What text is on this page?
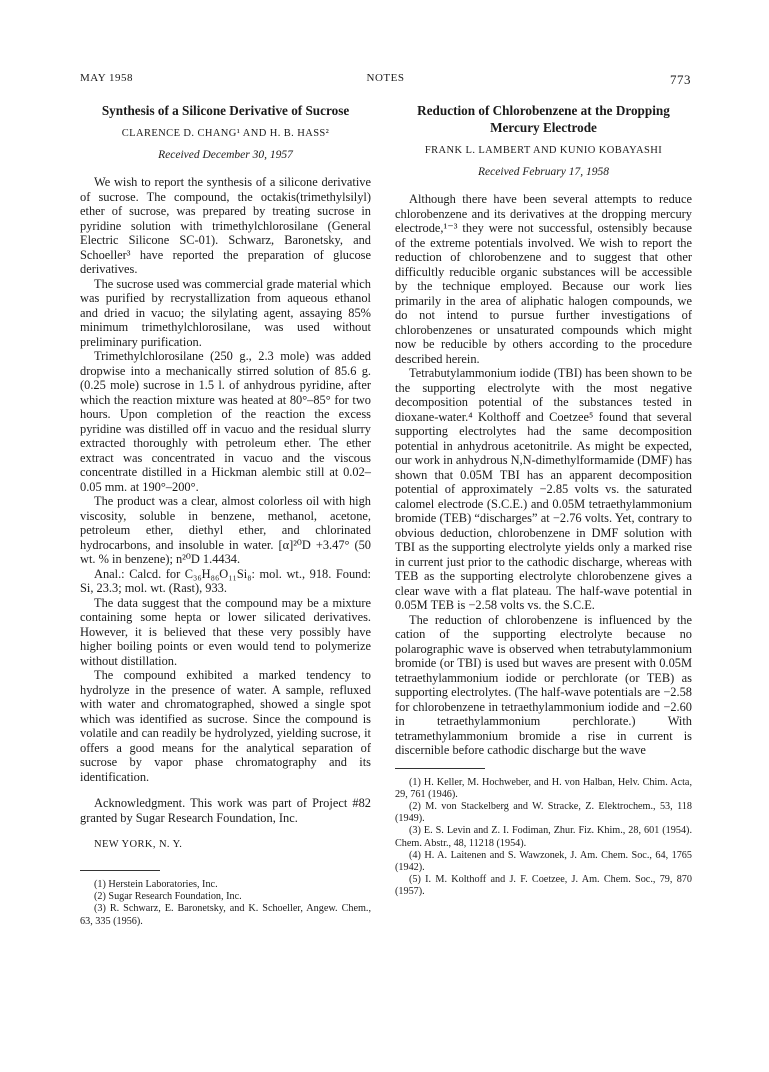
MAY 1958	NOTES	773
Synthesis of a Silicone Derivative of Sucrose
CLARENCE D. CHANG¹ AND H. B. HASS²
Received December 30, 1957

We wish to report the synthesis of a silicone derivative of sucrose. The compound, the octakis(trimethylsilyl) ether of sucrose, was prepared by treating sucrose in pyridine solution with trimethylchlorosilane (General Electric Silicone SC-01). Schwarz, Baronetsky, and Schoeller³ have reported the preparation of glucose derivatives.

The sucrose used was commercial grade material which was purified by recrystallization from aqueous ethanol and dried in vacuo; the silylating agent, assaying 85% minimum trimethylchlorosilane, was used without preliminary purification.

Trimethylchlorosilane (250 g., 2.3 mole) was added dropwise into a mechanically stirred solution of 85.6 g. (0.25 mole) sucrose in 1.5 l. of anhydrous pyridine, after which the reaction mixture was heated at 80°–85° for two hours. Upon completion of the reaction the excess pyridine was distilled off in vacuo and the residual slurry extracted thoroughly with petroleum ether. The ether extract was concentrated in vacuo and the viscous concentrate distilled in a Hickman alembic still at 0.02–0.05 mm. at 190°–200°.

The product was a clear, almost colorless oil with high viscosity, soluble in benzene, methanol, acetone, petroleum ether, diethyl ether, and chlorinated hydrocarbons, and insoluble in water. [α]²⁰D +3.47° (50 wt. % in benzene); n²⁰D 1.4434.

Anal.: Calcd. for C₃₆H₈₆O₁₁Si₈: mol. wt., 918. Found: Si, 23.3; mol. wt. (Rast), 933.

The data suggest that the compound may be a mixture containing some hepta or lower silicated derivatives. However, it is believed that these very possibly have higher boiling points or even would tend to polymerize without distillation.

The compound exhibited a marked tendency to hydrolyze in the presence of water. A sample, refluxed with water and chromatographed, showed a single spot which was identified as sucrose. Since the compound is volatile and can readily be hydrolyzed, yielding sucrose, it offers a good means for the analytical separation of sucrose by vapor phase chromatography and its identification.

Acknowledgment. This work was part of Project #82 granted by Sugar Research Foundation, Inc.

NEW YORK, N. Y.

(1) Herstein Laboratories, Inc.

(2) Sugar Research Foundation, Inc.

(3) R. Schwarz, E. Baronetsky, and K. Schoeller, Angew. Chem., 63, 335 (1956).

Reduction of Chlorobenzene at the Dropping Mercury Electrode
FRANK L. LAMBERT AND KUNIO KOBAYASHI
Received February 17, 1958

Although there have been several attempts to reduce chlorobenzene and its derivatives at the dropping mercury electrode,¹⁻³ they were not successful, ostensibly because of the extreme potentials involved. We wish to report the reduction of chlorobenzene and to suggest that other difficultly reducible organic substances will be accessible by the technique employed. Because our work lies primarily in the area of aliphatic halogen compounds, we do not intend to pursue further investigations of chlorobenzenes or unsaturated compounds which might now be reducible by others according to the procedure described herein.

Tetrabutylammonium iodide (TBI) has been shown to be the supporting electrolyte with the most negative decomposition potential of the substances tested in dioxane-water.⁴ Kolthoff and Coetzee⁵ found that several supporting electrolytes had the same decomposition potential in anhydrous acetonitrile. As might be expected, our work in anhydrous N,N-dimethylformamide (DMF) has shown that 0.05M TBI has an apparent decomposition potential of approximately −2.85 volts vs. the saturated calomel electrode (S.C.E.) and 0.05M tetraethylammonium bromide (TEB) “discharges” at −2.76 volts. Yet, contrary to obvious deduction, chlorobenzene in DMF solution with TBI as the supporting electrolyte yields only a marked rise in current just prior to the cathodic discharge, whereas with TEB as the supporting electrolyte chlorobenzene gives a clear wave with a flat plateau. The half-wave potential in 0.05M TEB is −2.58 volts vs. the S.C.E.

The reduction of chlorobenzene is influenced by the cation of the supporting electrolyte because no polarographic wave is observed when tetrabutylammonium bromide (or TBI) is used but waves are present with 0.05M tetraethylammonium iodide or perchlorate (or TEB) as supporting electrolytes. (The half-wave potentials are −2.58 for chlorobenzene in tetraethylammonium iodide and −2.60 in tetraethylammonium perchlorate.) With tetramethylammonium bromide a rise in current is discernible before cathodic discharge but the wave

(1) H. Keller, M. Hochweber, and H. von Halban, Helv. Chim. Acta, 29, 761 (1946).

(2) M. von Stackelberg and W. Stracke, Z. Elektrochem., 53, 118 (1949).

(3) E. S. Levin and Z. I. Fodiman, Zhur. Fiz. Khim., 28, 601 (1954). Chem. Abstr., 48, 11218 (1954).

(4) H. A. Laitenen and S. Wawzonek, J. Am. Chem. Soc., 64, 1765 (1942).

(5) I. M. Kolthoff and J. F. Coetzee, J. Am. Chem. Soc., 79, 870 (1957).
